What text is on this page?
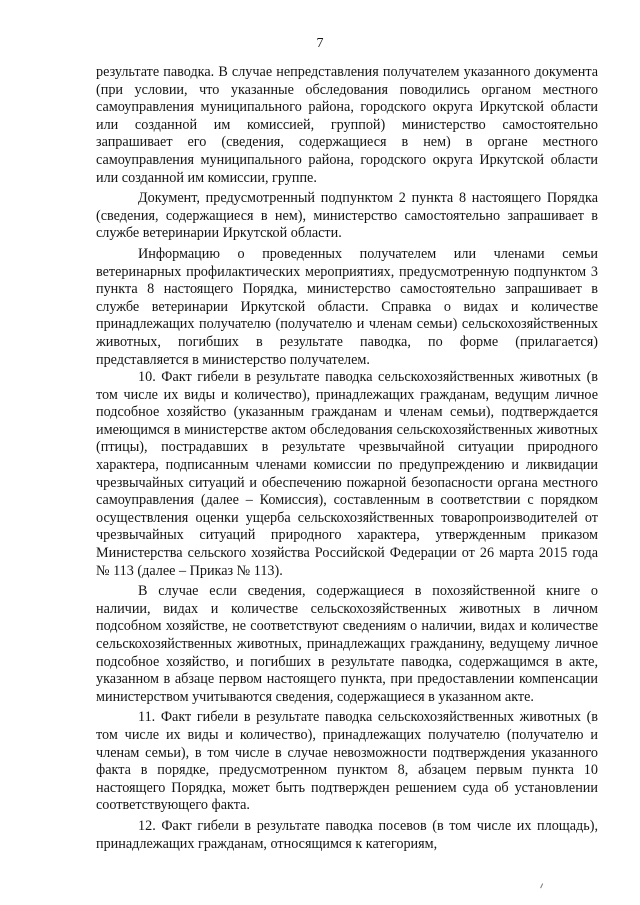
7

результате паводка. В случае непредставления получателем указанного документа (при условии, что указанные обследования поводились органом местного самоуправления муниципального района, городского округа Иркутской области или созданной им комиссией, группой) министерство самостоятельно запрашивает его (сведения, содержащиеся в нем) в органе местного самоуправления муниципального района, городского округа Иркутской области или созданной им комиссии, группе.

Документ, предусмотренный подпунктом 2 пункта 8 настоящего Порядка (сведения, содержащиеся в нем), министерство самостоятельно запрашивает в службе ветеринарии Иркутской области.

Информацию о проведенных получателем или членами семьи ветеринарных профилактических мероприятиях, предусмотренную подпунктом 3 пункта 8 настоящего Порядка, министерство самостоятельно запрашивает в службе ветеринарии Иркутской области. Справка о видах и количестве принадлежащих получателю (получателю и членам семьи) сельскохозяйственных животных, погибших в результате паводка, по форме (прилагается) представляется в министерство получателем.

10. Факт гибели в результате паводка сельскохозяйственных животных (в том числе их виды и количество), принадлежащих гражданам, ведущим личное подсобное хозяйство (указанным гражданам и членам семьи), подтверждается имеющимся в министерстве актом обследования сельскохозяйственных животных (птицы), пострадавших в результате чрезвычайной ситуации природного характера, подписанным членами комиссии по предупреждению и ликвидации чрезвычайных ситуаций и обеспечению пожарной безопасности органа местного самоуправления (далее – Комиссия), составленным в соответствии с порядком осуществления оценки ущерба сельскохозяйственных товаропроизводителей от чрезвычайных ситуаций природного характера, утвержденным приказом Министерства сельского хозяйства Российской Федерации от 26 марта 2015 года № 113 (далее – Приказ № 113).

В случае если сведения, содержащиеся в похозяйственной книге о наличии, видах и количестве сельскохозяйственных животных в личном подсобном хозяйстве, не соответствуют сведениям о наличии, видах и количестве сельскохозяйственных животных, принадлежащих гражданину, ведущему личное подсобное хозяйство, и погибших в результате паводка, содержащимся в акте, указанном в абзаце первом настоящего пункта, при предоставлении компенсации министерством учитываются сведения, содержащиеся в указанном акте.

11. Факт гибели в результате паводка сельскохозяйственных животных (в том числе их виды и количество), принадлежащих получателю (получателю и членам семьи), в том числе в случае невозможности подтверждения указанного факта в порядке, предусмотренном пунктом 8, абзацем первым пункта 10 настоящего Порядка, может быть подтвержден решением суда об установлении соответствующего факта.

12. Факт гибели в результате паводка посевов (в том числе их площадь), принадлежащих гражданам, относящимся к категориям,
